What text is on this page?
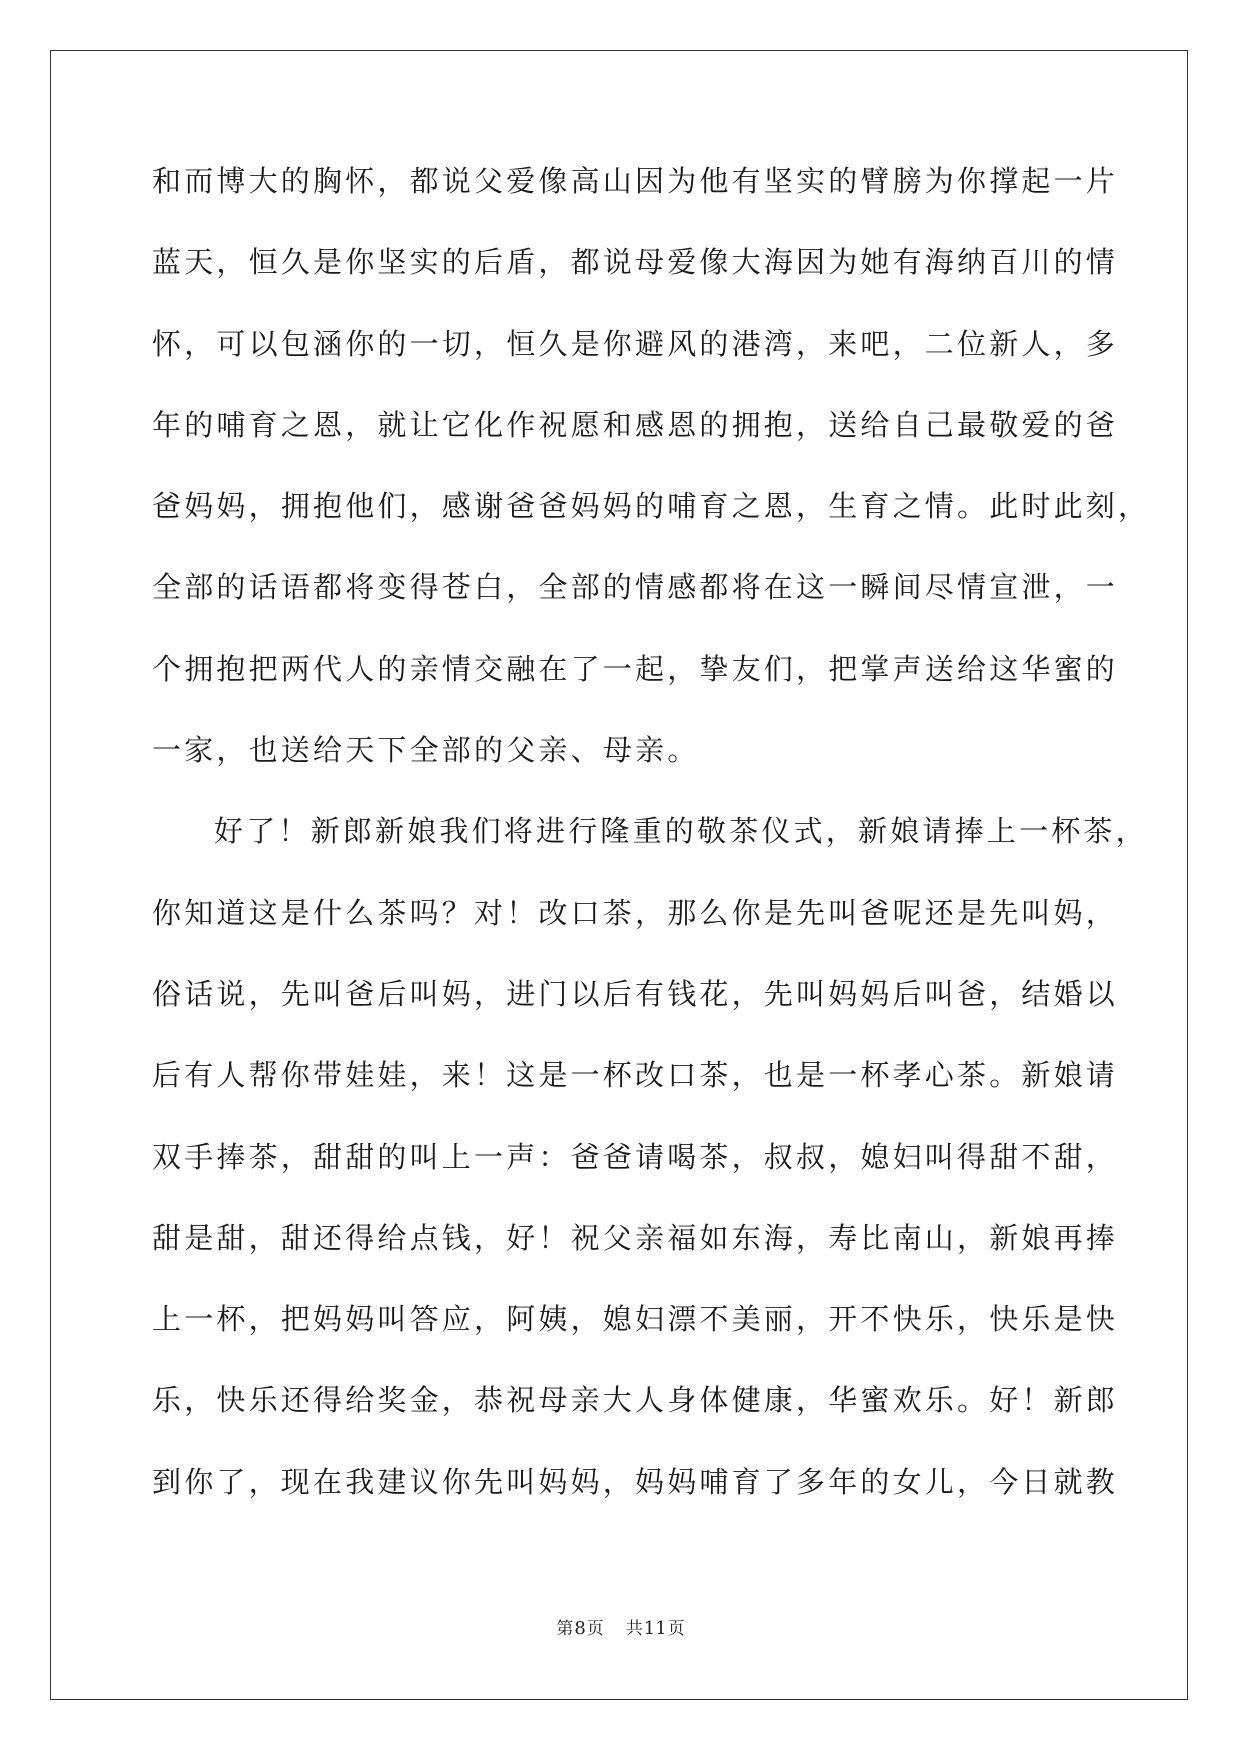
和而博大的胸怀，都说父爱像高山因为他有坚实的臂膀为你撑起一片
蓝天，恒久是你坚实的后盾，都说母爱像大海因为她有海纳百川的情
怀，可以包涵你的一切，恒久是你避风的港湾，来吧，二位新人，多
年的哺育之恩，就让它化作祝愿和感恩的拥抱，送给自己最敬爱的爸
爸妈妈，拥抱他们，感谢爸爸妈妈的哺育之恩，生育之情。此时此刻，
全部的话语都将变得苍白，全部的情感都将在这一瞬间尽情宣泄，一
个拥抱把两代人的亲情交融在了一起，挚友们，把掌声送给这华蜜的
一家，也送给天下全部的父亲、母亲。
好了！新郎新娘我们将进行隆重的敬茶仪式，新娘请捧上一杯茶，
你知道这是什么茶吗？对！改口茶，那么你是先叫爸呢还是先叫妈，
俗话说，先叫爸后叫妈，进门以后有钱花，先叫妈妈后叫爸，结婚以
后有人帮你带娃娃，来！这是一杯改口茶，也是一杯孝心茶。新娘请
双手捧茶，甜甜的叫上一声：爸爸请喝茶，叔叔，媳妇叫得甜不甜，
甜是甜，甜还得给点钱，好！祝父亲福如东海，寿比南山，新娘再捧
上一杯，把妈妈叫答应，阿姨，媳妇漂不美丽，开不快乐，快乐是快
乐，快乐还得给奖金，恭祝母亲大人身体健康，华蜜欢乐。好！新郎
到你了，现在我建议你先叫妈妈，妈妈哺育了多年的女儿，今日就教
第8页 共11页
